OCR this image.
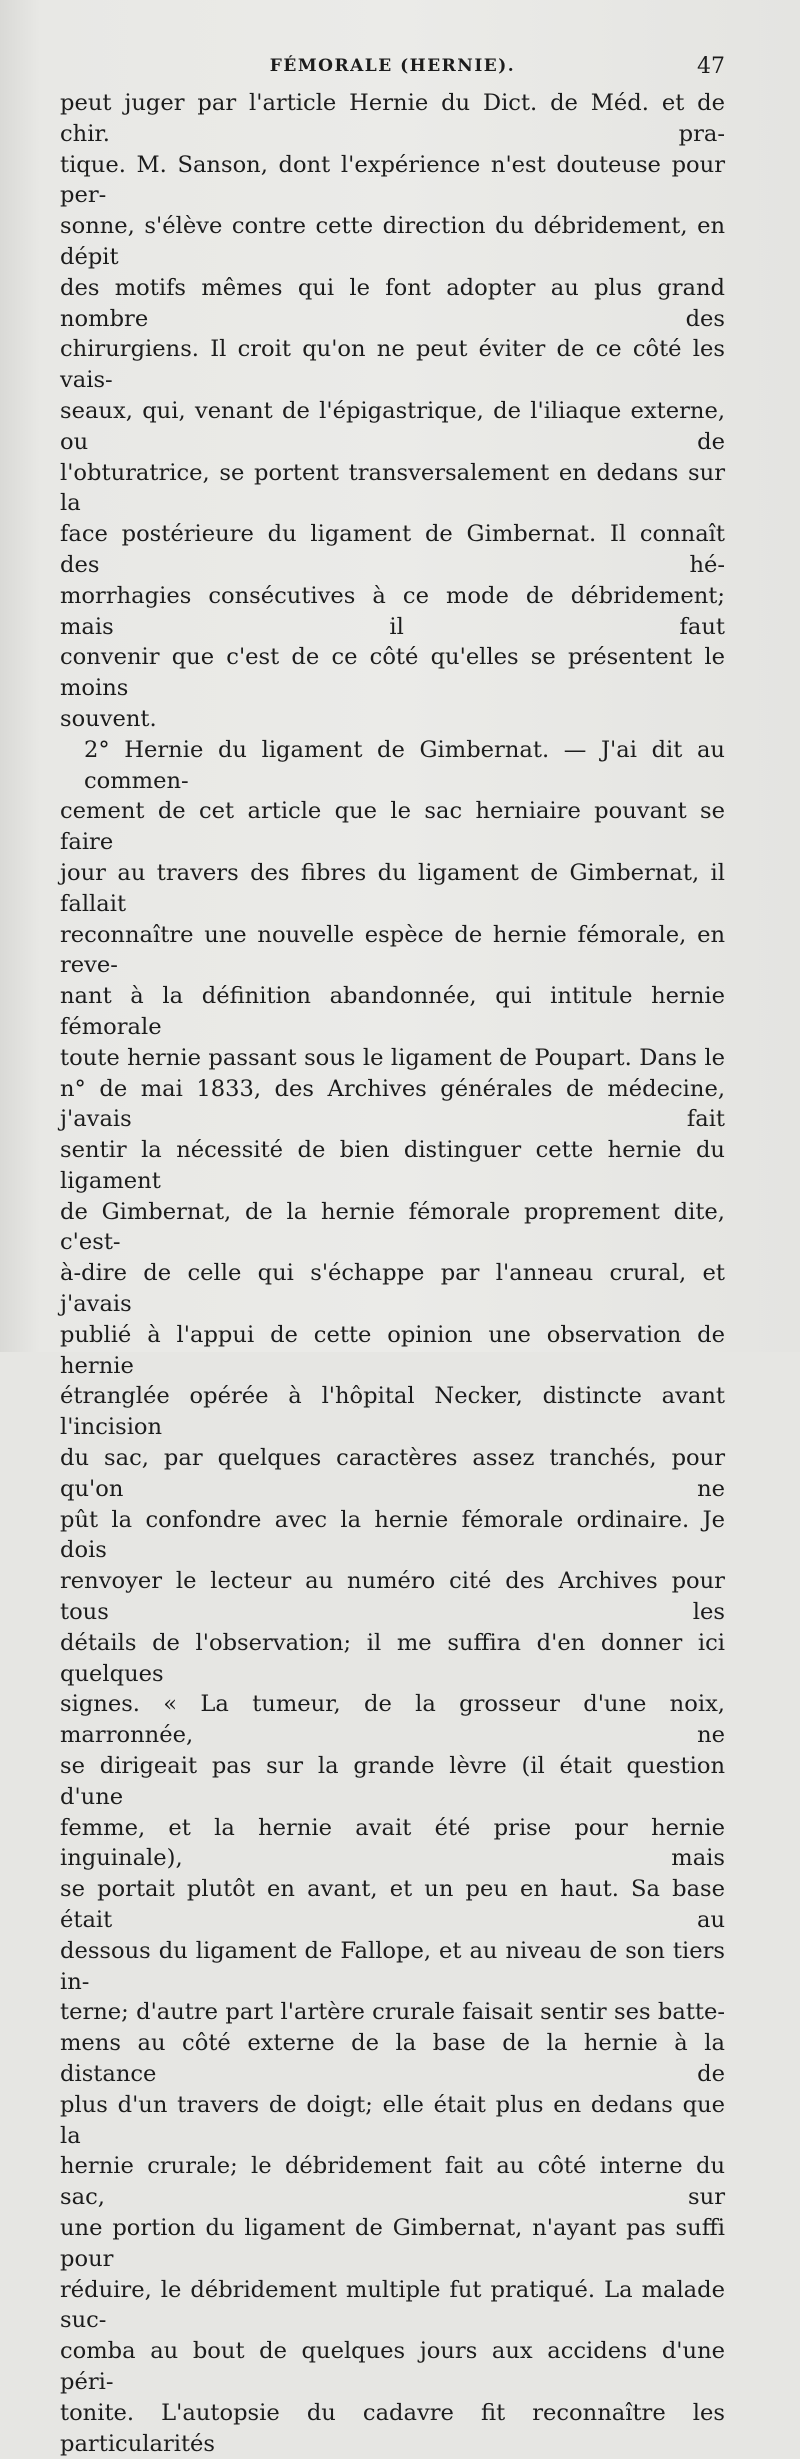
FÉMORALE (HERNIE).	47

peut juger par l'article Hernie du Dict. de Méd. et de chir. pra-

tique. M. Sanson, dont l'expérience n'est douteuse pour per-

sonne, s'élève contre cette direction du débridement, en dépit

des motifs mêmes qui le font adopter au plus grand nombre des

chirurgiens. Il croit qu'on ne peut éviter de ce côté les vais-

seaux, qui, venant de l'épigastrique, de l'iliaque externe, ou de

l'obturatrice, se portent transversalement en dedans sur la

face postérieure du ligament de Gimbernat. Il connaît des hé-

morrhagies consécutives à ce mode de débridement; mais il faut

convenir que c'est de ce côté qu'elles se présentent le moins

souvent.

2° Hernie du ligament de Gimbernat. — J'ai dit au commen-

cement de cet article que le sac herniaire pouvant se faire

jour au travers des fibres du ligament de Gimbernat, il fallait

reconnaître une nouvelle espèce de hernie fémorale, en reve-

nant à la définition abandonnée, qui intitule hernie fémorale

toute hernie passant sous le ligament de Poupart. Dans le

n° de mai 1833, des Archives générales de médecine, j'avais fait

sentir la nécessité de bien distinguer cette hernie du ligament

de Gimbernat, de la hernie fémorale proprement dite, c'est-

à-dire de celle qui s'échappe par l'anneau crural, et j'avais

publié à l'appui de cette opinion une observation de hernie

étranglée opérée à l'hôpital Necker, distincte avant l'incision

du sac, par quelques caractères assez tranchés, pour qu'on ne

pût la confondre avec la hernie fémorale ordinaire. Je dois

renvoyer le lecteur au numéro cité des Archives pour tous les

détails de l'observation; il me suffira d'en donner ici quelques

signes. « La tumeur, de la grosseur d'une noix, marronnée, ne

se dirigeait pas sur la grande lèvre (il était question d'une

femme, et la hernie avait été prise pour hernie inguinale), mais

se portait plutôt en avant, et un peu en haut. Sa base était au

dessous du ligament de Fallope, et au niveau de son tiers in-

terne; d'autre part l'artère crurale faisait sentir ses batte-

mens au côté externe de la base de la hernie à la distance de

plus d'un travers de doigt; elle était plus en dedans que la

hernie crurale; le débridement fait au côté interne du sac, sur

une portion du ligament de Gimbernat, n'ayant pas suffi pour

réduire, le débridement multiple fut pratiqué. La malade suc-

comba au bout de quelques jours aux accidens d'une péri-

tonite. L'autopsie du cadavre fit reconnaître les particularités
